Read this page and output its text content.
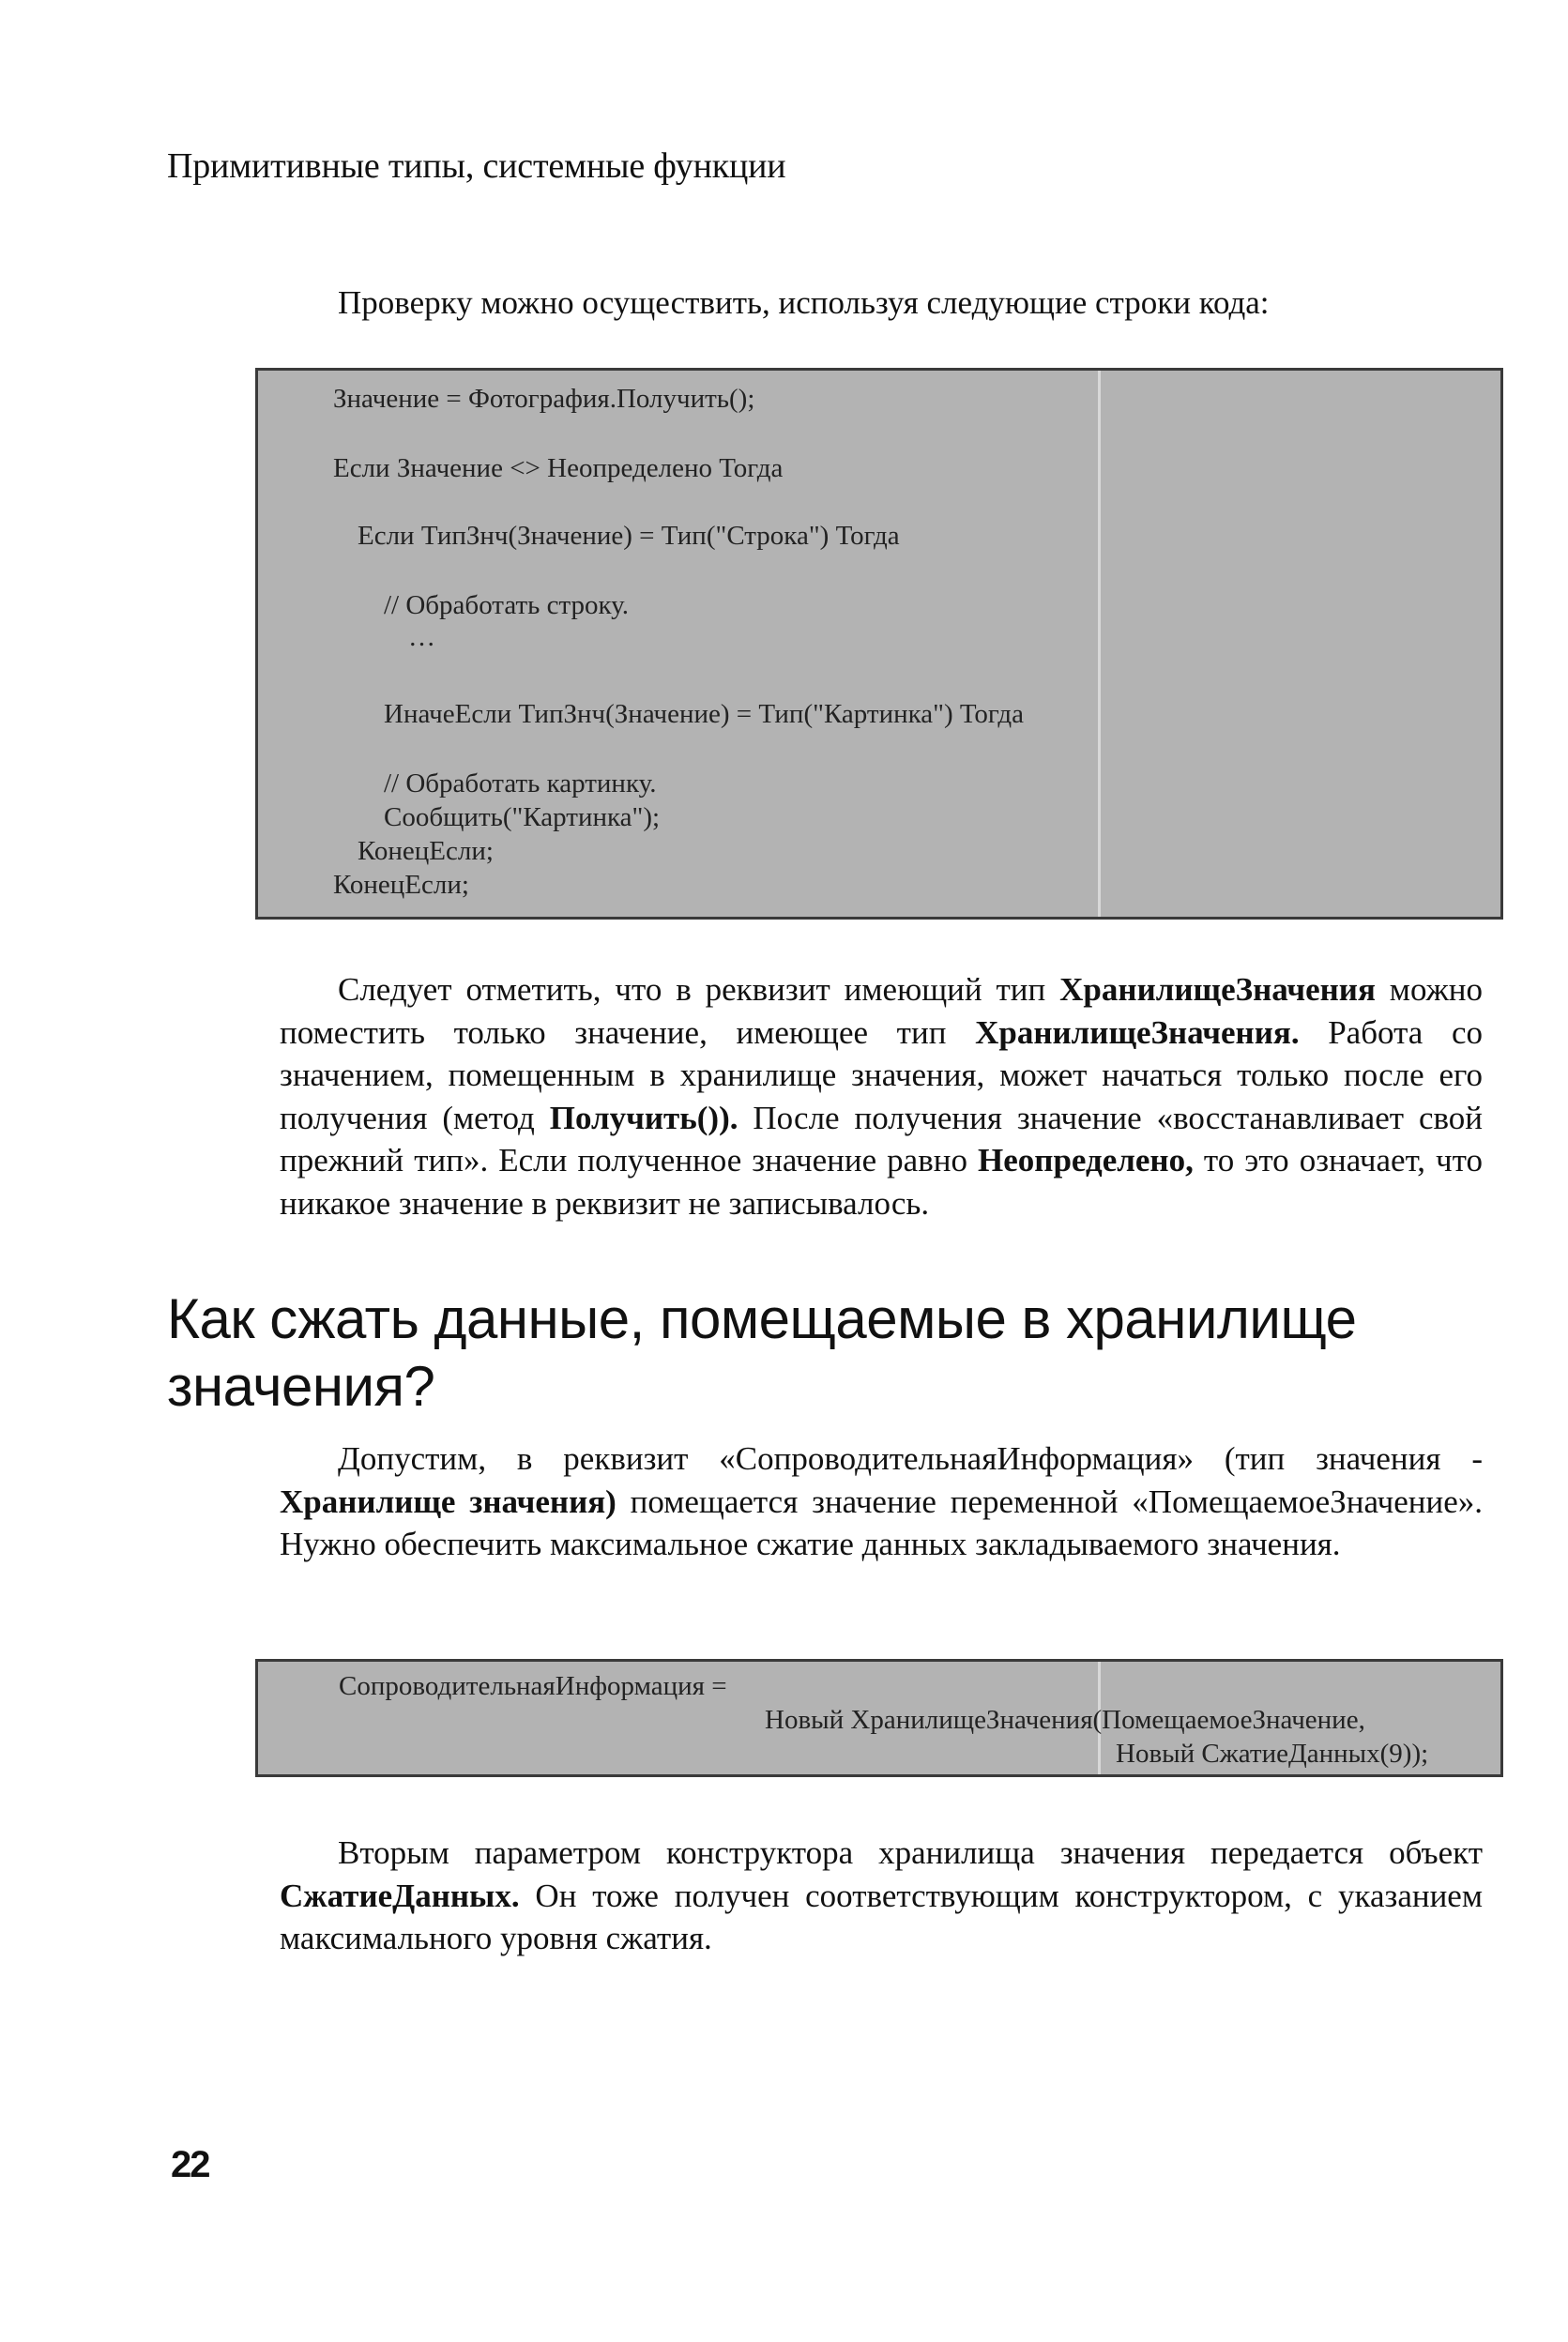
Примитивные типы, системные функции

Проверку можно осуществить, используя следующие строки кода:

Значение = Фотография.Получить();
Если Значение <> Неопределено Тогда
Если ТипЗнч(Значение) = Тип("Строка") Тогда
// Обработать строку.
…
ИначеЕсли ТипЗнч(Значение) = Тип("Картинка") Тогда
// Обработать картинку.
Сообщить("Картинка");
КонецЕсли;
КонецЕсли;

Следует отметить, что в реквизит имеющий тип ХранилищеЗначения можно поместить только значение, имеющее тип ХранилищеЗначения. Работа со значением, помещенным в хранилище значения, может начаться только после его получения (метод Получить()). После получения значение «восстанавливает свой прежний тип». Если полученное значение равно Неопределено, то это означает, что никакое значение в реквизит не записывалось.

Как сжать данные, помещаемые в хранилище значения?

Допустим, в реквизит «СопроводительнаяИнформация» (тип значения - Хранилище значения) помещается значение переменной «ПомещаемоеЗначение». Нужно обеспечить максимальное сжатие данных закладываемого значения.

СопроводительнаяИнформация =
Новый ХранилищеЗначения(ПомещаемоеЗначение,
Новый СжатиеДанных(9));

Вторым параметром конструктора хранилища значения передается объект СжатиеДанных. Он тоже получен соответствующим конструктором, с указанием максимального уровня сжатия.

22
